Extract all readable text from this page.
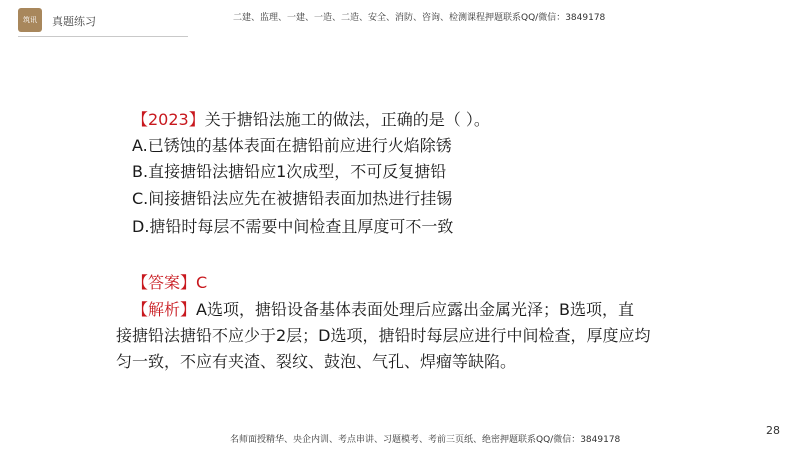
筑讯 真题练习	二建、监理、一建、一造、二造、安全、消防、咨询、检测课程押题联系QQ/微信：3849178
【2023】关于搪铅法施工的做法，正确的是（ ）。
A.已锈蚀的基体表面在搪铅前应进行火焰除锈
B.直接搪铅法搪铅应1次成型，不可反复搪铅
C.间接搪铅法应先在被搪铅表面加热进行挂锡
D.搪铅时每层不需要中间检查且厚度可不一致
【答案】C

【解析】A选项，搪铅设备基体表面处理后应露出金属光泽；B选项，直

接搪铅法搪铅不应少于2层；D选项，搪铅时每层应进行中间检查，厚度应均

匀一致，不应有夹渣、裂纹、鼓泡、气孔、焊瘤等缺陷。

28
名师面授精华、央企内训、考点串讲、习题模考、考前三页纸、绝密押题联系QQ/微信：3849178
